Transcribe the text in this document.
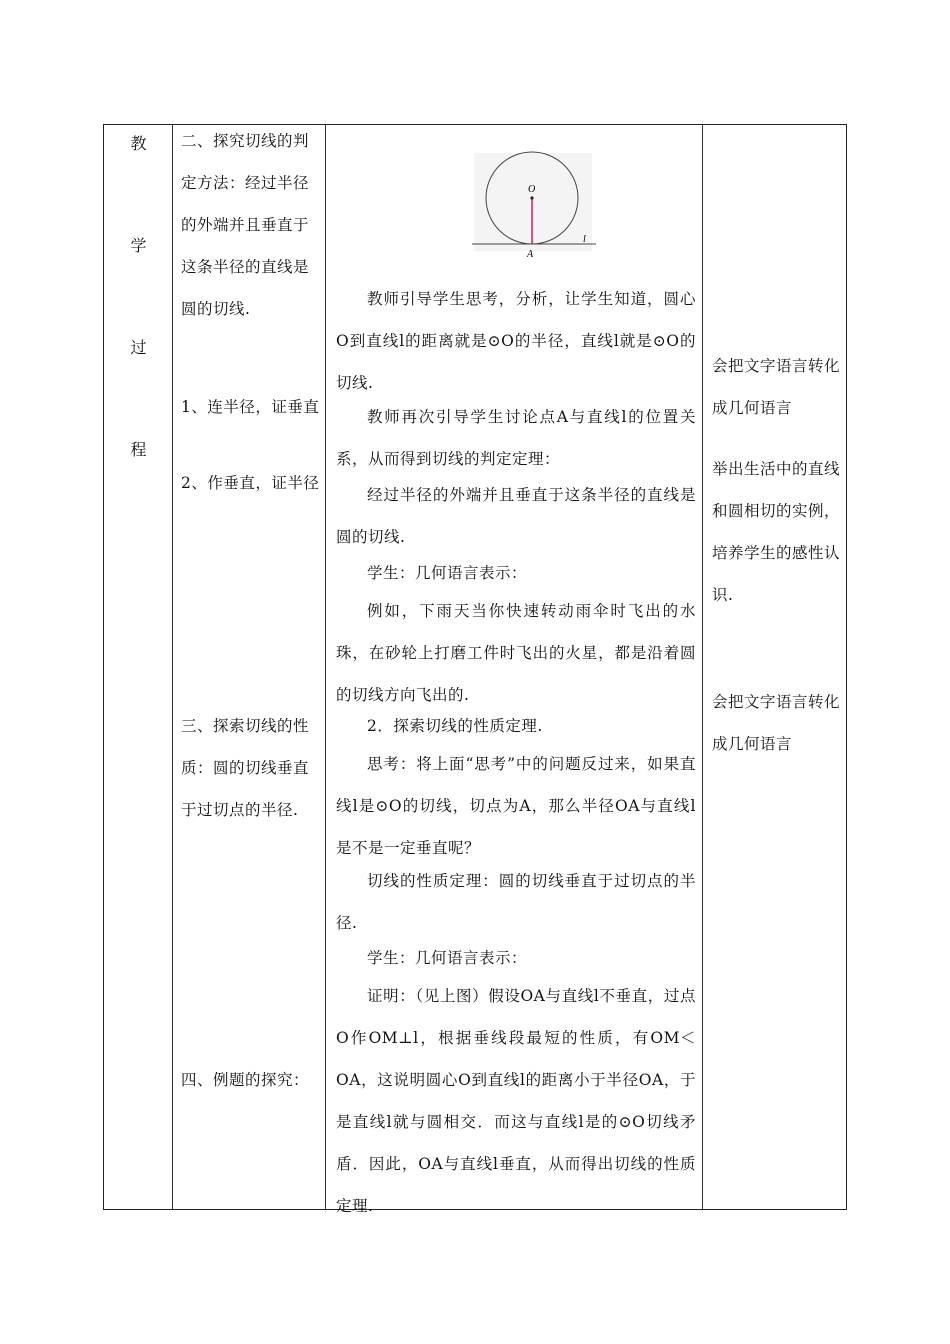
教
学
过
程
二、探究切线的判定方法：经过半径的外端并且垂直于这条半径的直线是圆的切线.
1、连半径，证垂直
2、作垂直，证半径
三、探索切线的性质：圆的切线垂直于过切点的半径.
四、例题的探究：
O
A
l
教师引导学生思考，分析，让学生知道，圆心O到直线l的距离就是⊙O的半径，直线l就是⊙O的切线.
教师再次引导学生讨论点A与直线l的位置关系，从而得到切线的判定定理：
经过半径的外端并且垂直于这条半径的直线是圆的切线.
学生：几何语言表示：
例如，下雨天当你快速转动雨伞时飞出的水珠，在砂轮上打磨工件时飞出的火星，都是沿着圆的切线方向飞出的.
2．探索切线的性质定理.
思考：将上面“思考”中的问题反过来，如果直线l是⊙O的切线，切点为A，那么半径OA与直线l是不是一定垂直呢？
切线的性质定理：圆的切线垂直于过切点的半径.
学生：几何语言表示：
证明：（见上图）假设OA与直线l不垂直，过点O作OM⊥l，根据垂线段最短的性质，有OM＜OA，这说明圆心O到直线l的距离小于半径OA，于是直线l就与圆相交．而这与直线l是的⊙O切线矛盾．因此，OA与直线l垂直，从而得出切线的性质定理.
会把文字语言转化成几何语言
举出生活中的直线和圆相切的实例，培养学生的感性认识.
会把文字语言转化成几何语言
